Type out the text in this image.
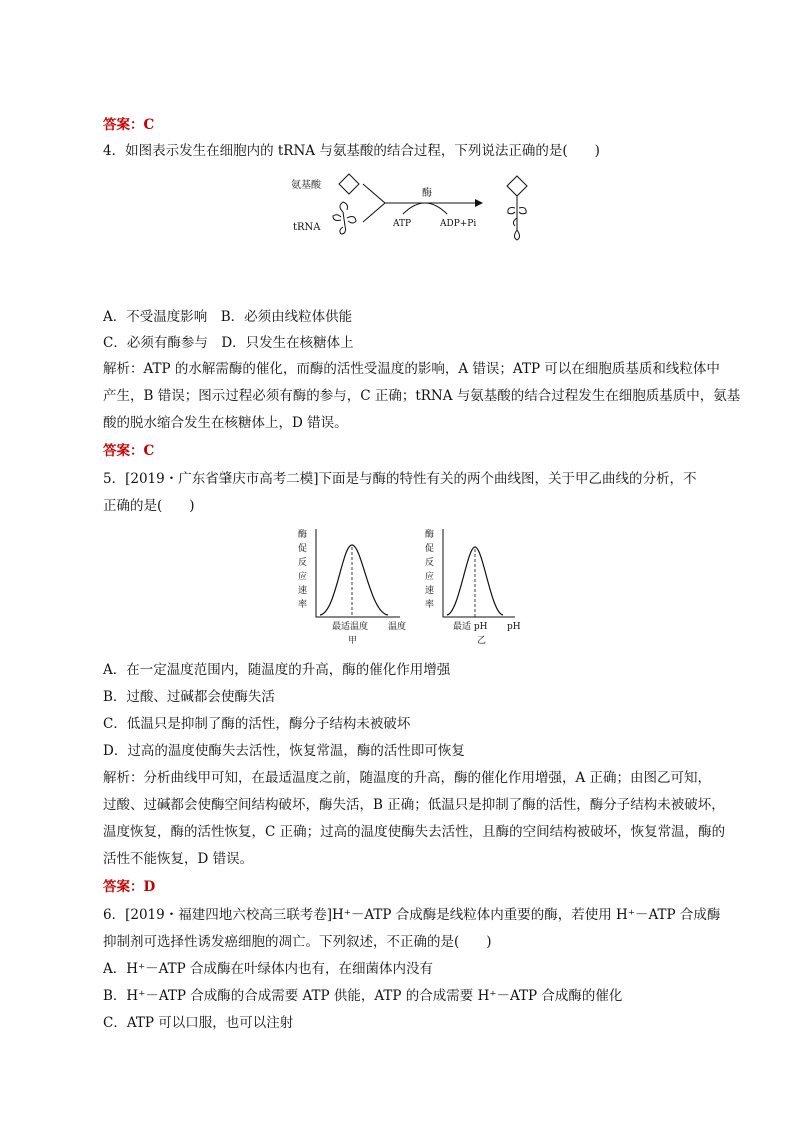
答案：C
4．如图表示发生在细胞内的 tRNA 与氨基酸的结合过程，下列说法正确的是(　　)
氨基酸
tRNA
酶
ATP	ADP+Pi
A．不受温度影响　B．必须由线粒体供能
C．必须有酶参与　D．只发生在核糖体上
解析：ATP 的水解需酶的催化，而酶的活性受温度的影响，A 错误；ATP 可以在细胞质基质和线粒体中
产生，B 错误；图示过程必须有酶的参与，C 正确；tRNA 与氨基酸的结合过程发生在细胞质基质中，氨基
酸的脱水缩合发生在核糖体上，D 错误。
答案：C
5．[2019・广东省肇庆市高考二模]下面是与酶的特性有关的两个曲线图，关于甲乙曲线的分析，不
正确的是(　　)
酶
促
反
应
速
率
最适温度 温度
甲
酶
促
反
应
速
率
最适 pH pH
乙
A．在一定温度范围内，随温度的升高，酶的催化作用增强
B．过酸、过碱都会使酶失活
C．低温只是抑制了酶的活性，酶分子结构未被破坏
D．过高的温度使酶失去活性，恢复常温，酶的活性即可恢复
解析：分析曲线甲可知，在最适温度之前，随温度的升高，酶的催化作用增强，A 正确；由图乙可知，
过酸、过碱都会使酶空间结构破坏，酶失活，B 正确；低温只是抑制了酶的活性，酶分子结构未被破坏，
温度恢复，酶的活性恢复，C 正确；过高的温度使酶失去活性，且酶的空间结构被破坏，恢复常温，酶的
活性不能恢复，D 错误。
答案：D
6．[2019・福建四地六校高三联考卷]H⁺－ATP 合成酶是线粒体内重要的酶，若使用 H⁺－ATP 合成酶
抑制剂可选择性诱发癌细胞的凋亡。下列叙述，不正确的是(　　)
A．H⁺－ATP 合成酶在叶绿体内也有，在细菌体内没有
B．H⁺－ATP 合成酶的合成需要 ATP 供能，ATP 的合成需要 H⁺－ATP 合成酶的催化
C．ATP 可以口服，也可以注射
